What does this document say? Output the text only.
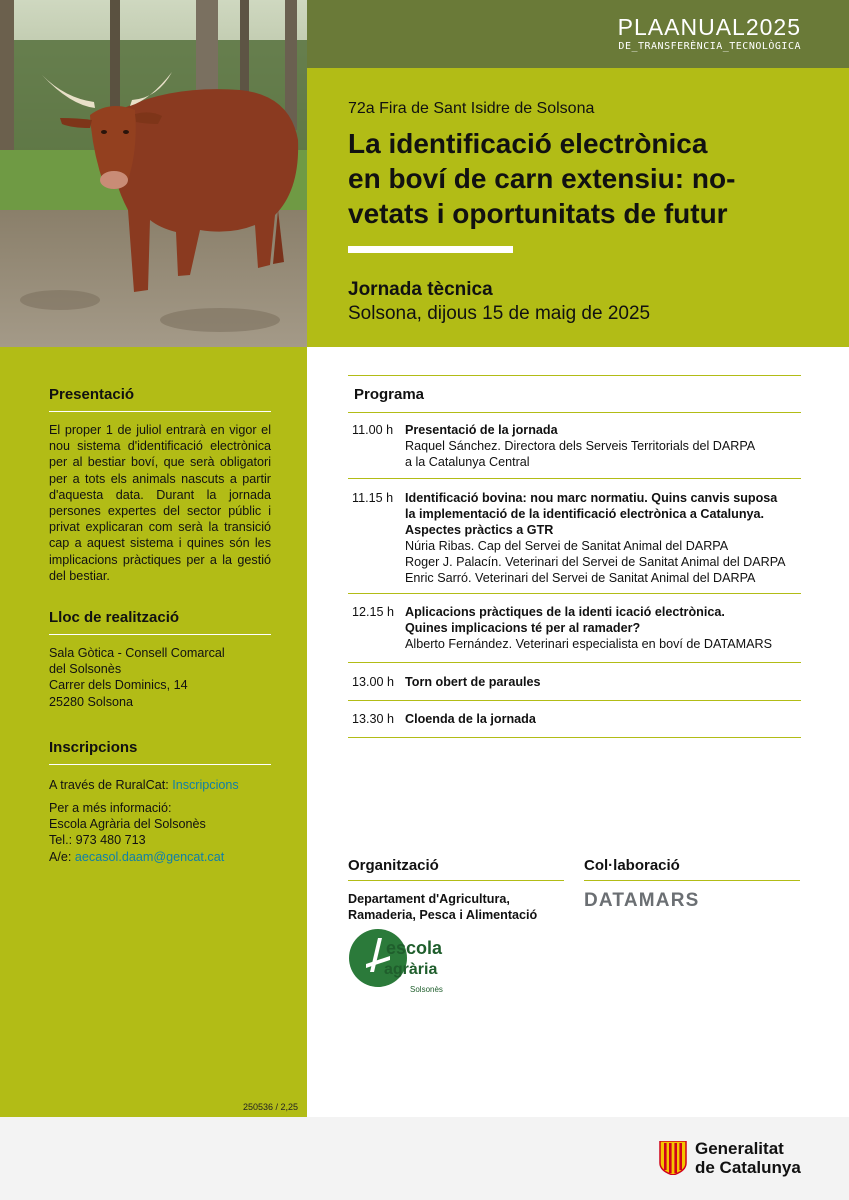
PLAANUAL2025
DE_TRANSFERÈNCIA_TECNOLÒGICA
72a Fira de Sant Isidre de Solsona
La identificació electrònica
en boví de carn extensiu: no-
vetats i oportunitats de futur
Jornada tècnica
Solsona, dijous 15 de maig de 2025
Presentació
El proper 1 de juliol entrarà en vigor el nou sistema d'identificació electrònica per al bestiar boví, que serà obligatori per a tots els animals nascuts a partir d'aquesta data. Durant la jornada persones expertes del sector públic i privat explicaran com serà la transició cap a aquest sistema i quines són les implicacions pràctiques per a la gestió del bestiar.
Lloc de realització
Sala Gòtica - Consell Comarcal
del Solsonès
Carrer dels Dominics, 14
25280 Solsona
Inscripcions
A través de RuralCat: Inscripcions
Per a més informació:
Escola Agrària del Solsonès
Tel.: 973 480 713
A/e: aecasol.daam@gencat.cat
250536 / 2,25
Programa
11.00 h Presentació de la jornada
Raquel Sánchez. Directora dels Serveis Territorials del DARPA
a la Catalunya Central
11.15 h Identificació bovina: nou marc normatiu. Quins canvis suposa
la implementació de la identificació electrònica a Catalunya.
Aspectes pràctics a GTR
Núria Ribas. Cap del Servei de Sanitat Animal del DARPA
Roger J. Palacín. Veterinari del Servei de Sanitat Animal del DARPA
Enric Sarró. Veterinari del Servei de Sanitat Animal del DARPA
12.15 h Aplicacions pràctiques de la identi icació electrònica.
Quines implicacions té per al ramader?
Alberto Fernández. Veterinari especialista en boví de DATAMARS
13.00 h Torn obert de paraules
13.30 h Cloenda de la jornada
Organització
Departament d'Agricultura,
Ramaderia, Pesca i Alimentació
escola
agrària
Solsonès
Col·laboració
DATAMARS
Generalitat
de Catalunya
